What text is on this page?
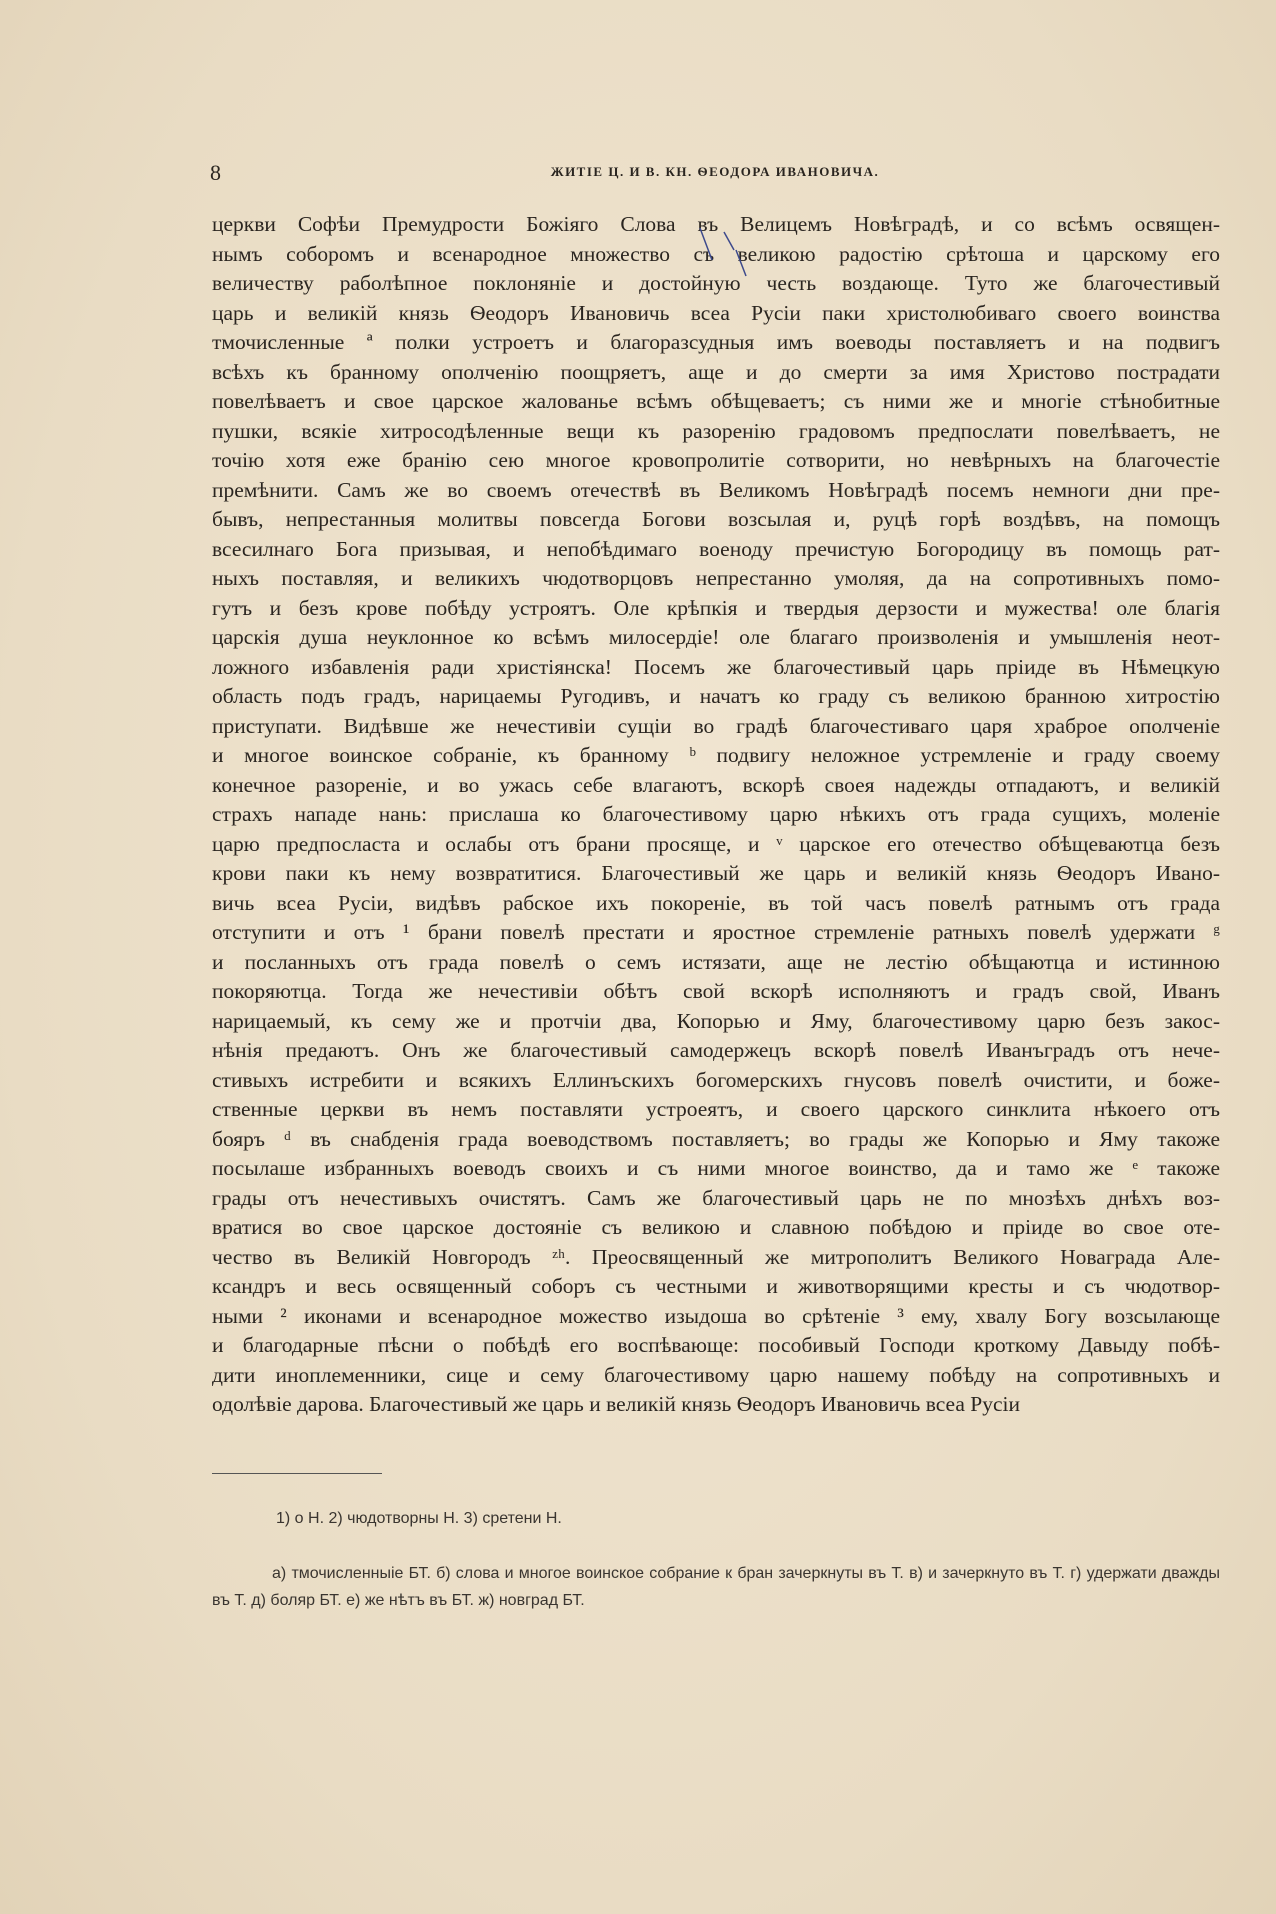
8	ЖИТІЕ Ц. И В. КН. ѲЕОДОРА ИВАНОВИЧА.
церкви Софѣи Премудрости Божіяго Слова въ Велицемъ Новѣградѣ, и со всѣмъ освящен-
нымъ соборомъ и всенародное множество съ великою радостію срѣтоша и царскому его
величеству раболѣпное поклоняніе и достойную честь воздающе. Туто же благочестивый
царь и великій князь Ѳеодоръ Ивановичь всеа Русіи паки христолюбиваго своего воинства
тмочисленные ª полки устроетъ и благоразсудныя имъ воеводы поставляетъ и на подвигъ
всѣхъ къ бранному ополченію поощряетъ, аще и до смерти за имя Христово пострадати
повелѣваетъ и свое царское жалованье всѣмъ обѣщеваетъ; съ ними же и многіе стѣнобитные
пушки, всякіе хитросодѣленные вещи къ разоренію градовомъ предпослати повелѣваетъ, не
точію хотя еже бранію сею многое кровопролитіе сотворити, но невѣрныхъ на благочестіе
премѣнити. Самъ же во своемъ отечествѣ въ Великомъ Новѣградѣ посемъ немноги дни пре-
бывъ, непрестанныя молитвы повсегда Богови возсылая и, руцѣ горѣ воздѣвъ, на помощъ
всесилнаго Бога призывая, и непобѣдимаго военоду пречистую Богородицу въ помощь рат-
ныхъ поставляя, и великихъ чюдотворцовъ непрестанно умоляя, да на сопротивныхъ помо-
гутъ и безъ крове побѣду устроятъ. Оле крѣпкія и твердыя дерзости и мужества! оле благія
царскія душа неуклонное ко всѣмъ милосердіе! оле благаго произволенія и умышленія неот-
ложного избавленія ради христіянска! Посемъ же благочестивый царь пріиде въ Нѣмецкую
область подъ градъ, нарицаемы Ругодивъ, и начатъ ко граду съ великою бранною хитростію
приступати. Видѣвше же нечестивіи сущіи во градѣ благочестиваго царя храброе ополченіе
и многое воинское собраніе, къ бранному ᵇ подвигу неложное устремленіе и граду своему
конечное разореніе, и во ужась себе влагаютъ, вскорѣ своея надежды отпадаютъ, и великій
страхъ нападе нань: прислаша ко благочестивому царю нѣкихъ отъ града сущихъ, моленіе
царю предпосласта и ослабы отъ брани просяще, и ᵛ царское его отечество обѣщеваютца безъ
крови паки къ нему возвратитися. Благочестивый же царь и великій князь Ѳеодоръ Ивано-
вичь всеа Русіи, видѣвъ рабское ихъ покореніе, въ той часъ повелѣ ратнымъ отъ града
отступити и отъ ¹ брани повелѣ престати и яростное стремленіе ратныхъ повелѣ удержати ᵍ
и посланныхъ отъ града повелѣ о семъ истязати, аще не лестію обѣщаютца и истинною
покоряютца. Тогда же нечестивіи обѣтъ свой вскорѣ исполняютъ и градъ свой, Иванъ
нарицаемый, къ сему же и протчіи два, Копорью и Яму, благочестивому царю безъ закос-
нѣнія предаютъ. Онъ же благочестивый самодержецъ вскорѣ повелѣ Иванъградъ отъ нече-
стивыхъ истребити и всякихъ Еллинъскихъ богомерскихъ гнусовъ повелѣ очистити, и боже-
ственные церкви въ немъ поставляти устроеятъ, и своего царского синклита нѣкоего отъ
бояръ ᵈ въ снабденія града воеводствомъ поставляетъ; во грады же Копорью и Яму такоже
посылаше избранныхъ воеводъ своихъ и съ ними многое воинство, да и тамо же ᵉ такоже
грады отъ нечестивыхъ очистятъ. Самъ же благочестивый царь не по мнозѣхъ днѣхъ воз-
вратися во свое царское достояніе съ великою и славною побѣдою и пріиде во свое оте-
чество въ Великій Новгородъ ᶻʰ. Преосвященный же митрополитъ Великого Новаграда Але-
ксандръ и весь освященный соборъ съ честными и животворящими кресты и съ чюдотвор-
ными ² иконами и всенародное можество изыдоша во срѣтеніе ³ ему, хвалу Богу возсылающе
и благодарные пѣсни о побѣдѣ его воспѣвающе: пособивый Господи кроткому Давыду побѣ-
дити иноплеменники, сице и сему благочестивому царю нашему побѣду на сопротивныхъ и
одолѣвіе дарова. Благочестивый же царь и великій князь Ѳеодоръ Ивановичь всеа Русіи
1) о Н. 2) чюдотворны Н. 3) сретени Н.
а) тмочисленныіе БТ. б) слова и многое воинское собрание к бран зачеркнуты въ Т. в) и зачеркнуто въ Т. г) удержати дважды въ Т. д) боляр БТ. е) же нѣтъ въ БТ. ж) новград БТ.
